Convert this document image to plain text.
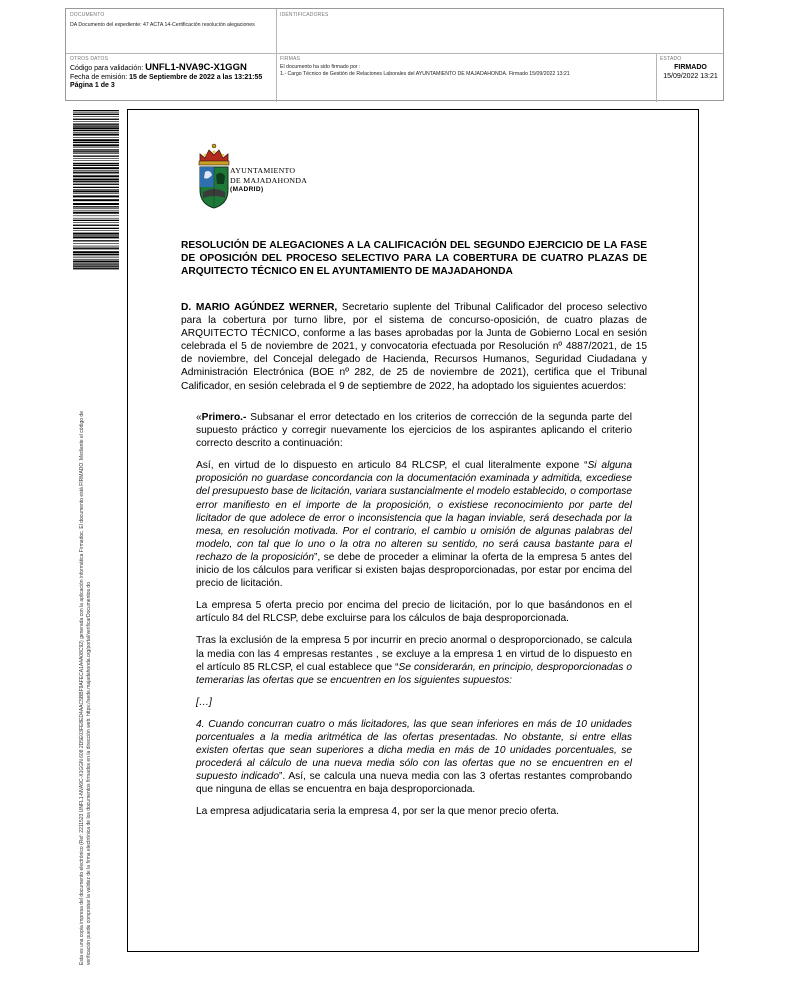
DOCUMENTO
DA Documento del expediente: 47 ACTA 14-Certificación resolución alegaciones
IDENTIFICADORES
OTROS DATOS
Código para validación: UNFL1-NVA9C-X1GGN
Fecha de emisión: 15 de Septiembre de 2022 a las 13:21:55
Página 1 de 3
FIRMAS
El documento ha sido firmado por :
1.- Cargo Técnico de Gestión de Relaciones Laborales del AYUNTAMIENTO DE MAJADAHONDA. Firmado 15/09/2022 13:21
ESTADO
FIRMADO
15/09/2022 13:21

Esta es una copia impresa del documento electrónico (Ref: 2211523 UNFL1-NVA9C-X1GGN 608 2D5E03FE8ED4AAC5BBF9AFECA1A4A08C92) generada con la aplicación informática Firmadoc. El documento está FIRMADO. Mediante el código de verificación puede comprobar la validez de la firma electrónica de los documentos firmados en la dirección web: https://sede.majadahonda.org/portal/verificarDocumentos.do

AYUNTAMIENTO
DE MAJADAHONDA
(MADRID)

RESOLUCIÓN DE ALEGACIONES A LA CALIFICACIÓN DEL SEGUNDO EJERCICIO DE LA FASE DE OPOSICIÓN DEL PROCESO SELECTIVO PARA LA COBERTURA DE CUATRO PLAZAS DE ARQUITECTO TÉCNICO EN EL AYUNTAMIENTO DE MAJADAHONDA

D. MARIO AGÚNDEZ WERNER, Secretario suplente del Tribunal Calificador del proceso selectivo para la cobertura por turno libre, por el sistema de concurso-oposición, de cuatro plazas de ARQUITECTO TÉCNICO, conforme a las bases aprobadas por la Junta de Gobierno Local en sesión celebrada el 5 de noviembre de 2021, y convocatoria efectuada por Resolución nº 4887/2021, de 15 de noviembre, del Concejal delegado de Hacienda, Recursos Humanos, Seguridad Ciudadana y Administración Electrónica (BOE nº 282, de 25 de noviembre de 2021), certifica que el Tribunal Calificador, en sesión celebrada el 9 de septiembre de 2022, ha adoptado los siguientes acuerdos:

«Primero.- Subsanar el error detectado en los criterios de corrección de la segunda parte del supuesto práctico y corregir nuevamente los ejercicios de los aspirantes aplicando el criterio correcto descrito a continuación:

Así, en virtud de lo dispuesto en articulo 84 RLCSP, el cual literalmente expone “Si alguna proposición no guardase concordancia con la documentación examinada y admitida, excediese del presupuesto base de licitación, variara sustancialmente el modelo establecido, o comportase error manifiesto en el importe de la proposición, o existiese reconocimiento por parte del licitador de que adolece de error o inconsistencia que la hagan inviable, será desechada por la mesa, en resolución motivada. Por el contrario, el cambio u omisión de algunas palabras del modelo, con tal que lo uno o la otra no alteren su sentido, no será causa bastante para el rechazo de la proposición”, se debe de proceder a eliminar la oferta de la empresa 5 antes del inicio de los cálculos para verificar si existen bajas desproporcionadas, por estar por encima del precio de licitación.

La empresa 5 oferta precio por encima del precio de licitación, por lo que basándonos en el artículo 84 del RLCSP, debe excluirse para los cálculos de baja desproporcionada.

Tras la exclusión de la empresa 5 por incurrir en precio anormal o desproporcionado, se calcula la media con las 4 empresas restantes , se excluye a la empresa 1 en virtud de lo dispuesto en el artículo 85 RLCSP, el cual establece que “Se considerarán, en principio, desproporcionadas o temerarias las ofertas que se encuentren en los siguientes supuestos:

[…]

4. Cuando concurran cuatro o más licitadores, las que sean inferiores en más de 10 unidades porcentuales a la media aritmética de las ofertas presentadas. No obstante, si entre ellas existen ofertas que sean superiores a dicha media en más de 10 unidades porcentuales, se procederá al cálculo de una nueva media sólo con las ofertas que no se encuentren en el supuesto indicado”. Así, se calcula una nueva media con las 3 ofertas restantes comprobando que ninguna de ellas se encuentra en baja desproporcionada.

La empresa adjudicataria seria la empresa 4, por ser la que menor precio oferta.
